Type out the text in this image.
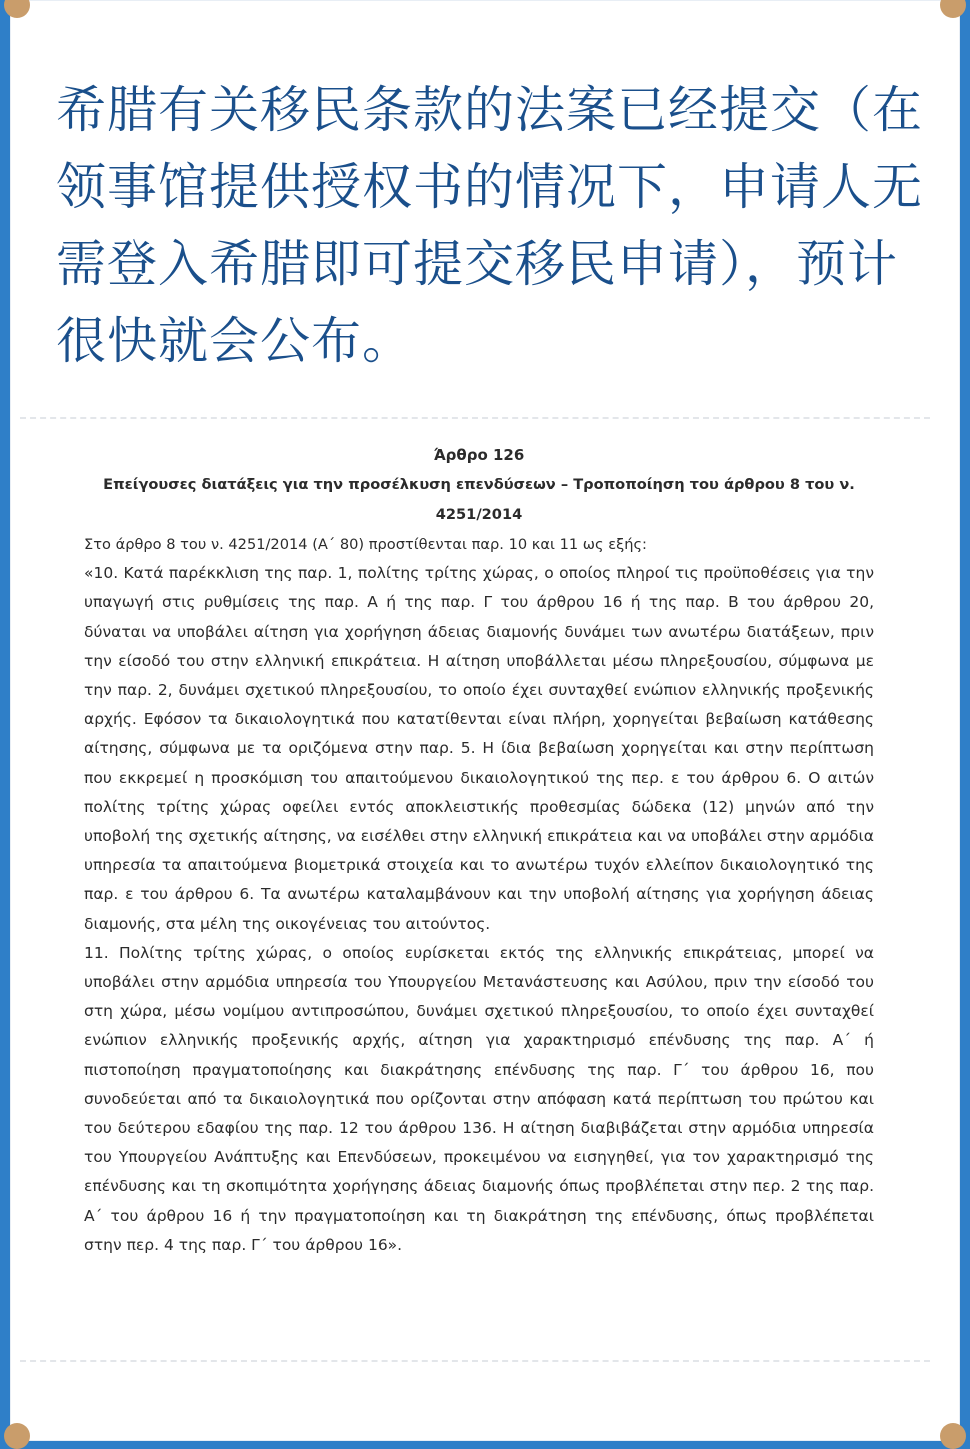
希腊有关移民条款的法案已经提交（在领事馆提供授权书的情况下，申请人无需登入希腊即可提交移民申请），预计很快就会公布。

Άρθρο 126

Επείγουσες διατάξεις για την προσέλκυση επενδύσεων – Τροποποίηση του άρθρου 8 του ν. 4251/2014

Στο άρθρο 8 του ν. 4251/2014 (Α΄ 80) προστίθενται παρ. 10 και 11 ως εξής:

«10. Κατά παρέκκλιση της παρ. 1, πολίτης τρίτης χώρας, ο οποίος πληροί τις προϋποθέσεις για την υπαγωγή στις ρυθμίσεις της παρ. Α ή της παρ. Γ του άρθρου 16 ή της παρ. Β του άρθρου 20, δύναται να υποβάλει αίτηση για χορήγηση άδειας διαμονής δυνάμει των ανωτέρω διατάξεων, πριν την είσοδό του στην ελληνική επικράτεια. Η αίτηση υποβάλλεται μέσω πληρεξουσίου, σύμφωνα με την παρ. 2, δυνάμει σχετικού πληρεξουσίου, το οποίο έχει συνταχθεί ενώπιον ελληνικής προξενικής αρχής. Εφόσον τα δικαιολογητικά που κατατίθενται είναι πλήρη, χορηγείται βεβαίωση κατάθεσης αίτησης, σύμφωνα με τα οριζόμενα στην παρ. 5. Η ίδια βεβαίωση χορηγείται και στην περίπτωση που εκκρεμεί η προσκόμιση του απαιτούμενου δικαιολογητικού της περ. ε του άρθρου 6. Ο αιτών πολίτης τρίτης χώρας οφείλει εντός αποκλειστικής προθεσμίας δώδεκα (12) μηνών από την υποβολή της σχετικής αίτησης, να εισέλθει στην ελληνική επικράτεια και να υποβάλει στην αρμόδια υπηρεσία τα απαιτούμενα βιομετρικά στοιχεία και το ανωτέρω τυχόν ελλείπον δικαιολογητικό της παρ. ε του άρθρου 6. Τα ανωτέρω καταλαμβάνουν και την υποβολή αίτησης για χορήγηση άδειας διαμονής, στα μέλη της οικογένειας του αιτούντος.

11. Πολίτης τρίτης χώρας, ο οποίος ευρίσκεται εκτός της ελληνικής επικράτειας, μπορεί να υποβάλει στην αρμόδια υπηρεσία του Υπουργείου Μετανάστευσης και Ασύλου, πριν την είσοδό του στη χώρα, μέσω νομίμου αντιπροσώπου, δυνάμει σχετικού πληρεξουσίου, το οποίο έχει συνταχθεί ενώπιον ελληνικής προξενικής αρχής, αίτηση για χαρακτηρισμό επένδυσης της παρ. Α΄ ή πιστοποίηση πραγματοποίησης και διακράτησης επένδυσης της παρ. Γ΄ του άρθρου 16, που συνοδεύεται από τα δικαιολογητικά που ορίζονται στην απόφαση κατά περίπτωση του πρώτου και του δεύτερου εδαφίου της παρ. 12 του άρθρου 136. Η αίτηση διαβιβάζεται στην αρμόδια υπηρεσία του Υπουργείου Ανάπτυξης και Επενδύσεων, προκειμένου να εισηγηθεί, για τον χαρακτηρισμό της επένδυσης και τη σκοπιμότητα χορήγησης άδειας διαμονής όπως προβλέπεται στην περ. 2 της παρ. Α΄ του άρθρου 16 ή την πραγματοποίηση και τη διακράτηση της επένδυσης, όπως προβλέπεται στην περ. 4 της παρ. Γ΄ του άρθρου 16».
